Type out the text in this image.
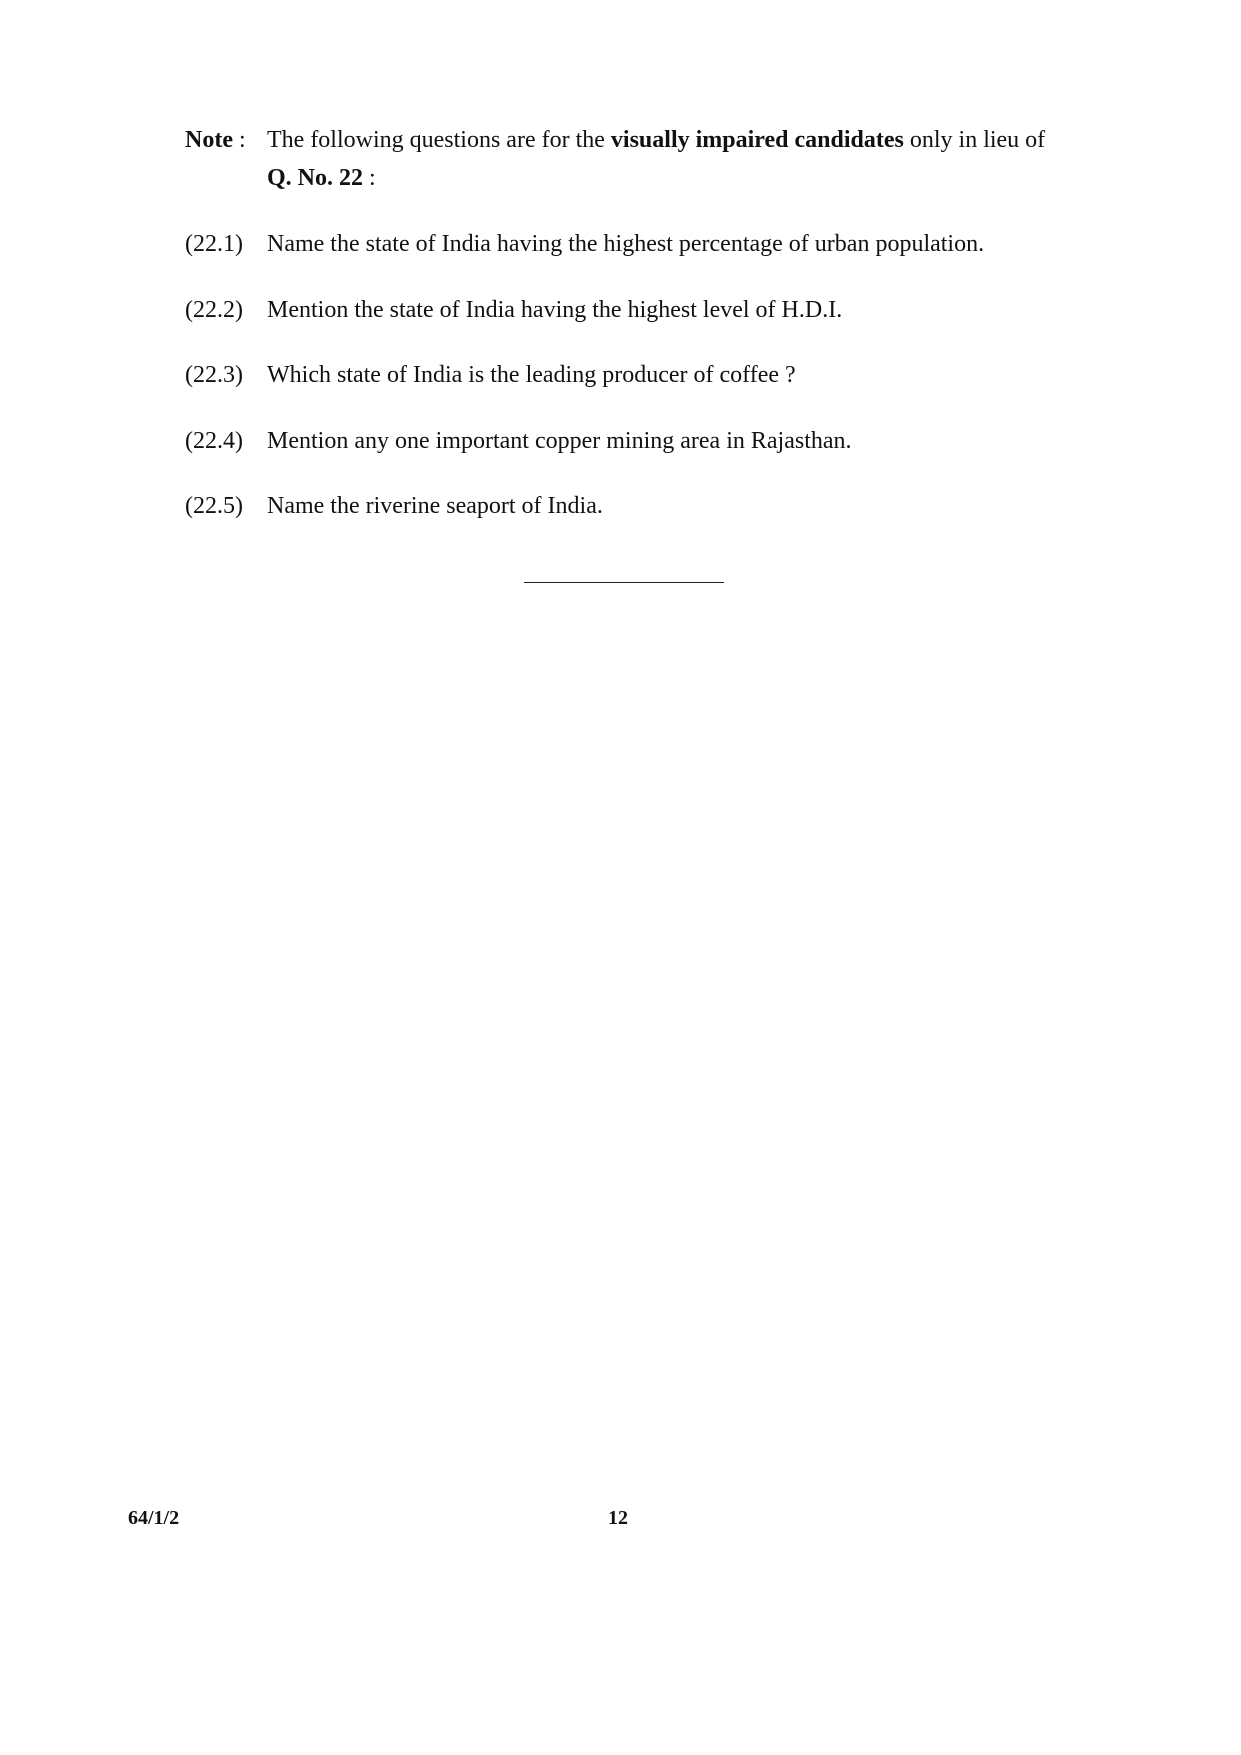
Note : The following questions are for the visually impaired candidates only in lieu of Q. No. 22 :
(22.1) Name the state of India having the highest percentage of urban population.
(22.2) Mention the state of India having the highest level of H.D.I.
(22.3) Which state of India is the leading producer of coffee ?
(22.4) Mention any one important copper mining area in Rajasthan.
(22.5) Name the riverine seaport of India.
64/1/2	12
